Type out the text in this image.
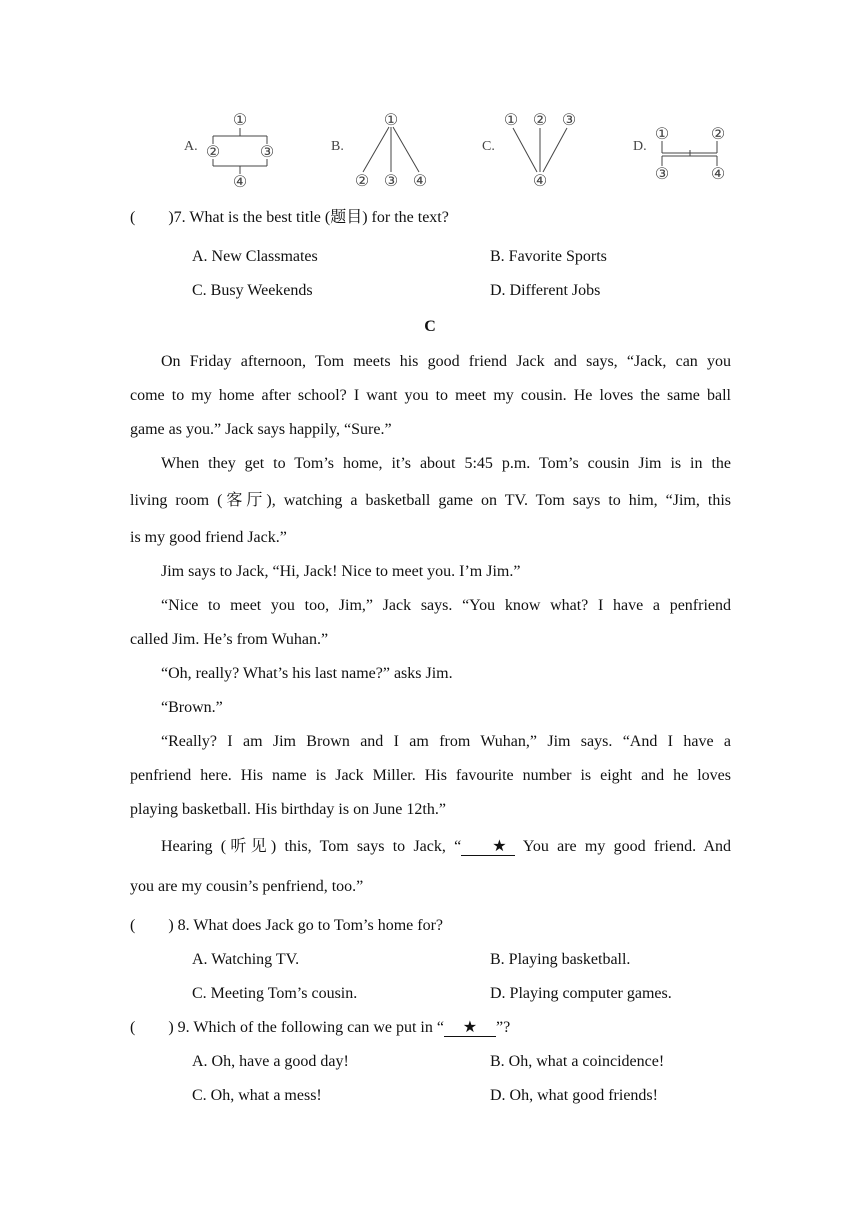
A.	B.	C.	D.
①
② ③
④
①
② ③ ④
① ② ③
④
①	②
③	④
( )7. What is the best title (题目) for the text?
A. New Classmates	B. Favorite Sports
C. Busy Weekends	D. Different Jobs
C
On Friday afternoon, Tom meets his good friend Jack and says, “Jack, can you
come to my home after school? I want you to meet my cousin. He loves the same ball
game as you.” Jack says happily, “Sure.”
When they get to Tom’s home, it’s about 5:45 p.m. Tom’s cousin Jim is in the
living room (客厅), watching a basketball game on TV. Tom says to him, “Jim, this
is my good friend Jack.”
Jim says to Jack, “Hi, Jack! Nice to meet you. I’m Jim.”
“Nice to meet you too, Jim,” Jack says. “You know what? I have a penfriend
called Jim. He’s from Wuhan.”
“Oh, really? What’s his last name?” asks Jim.
“Brown.”
“Really? I am Jim Brown and I am from Wuhan,” Jim says. “And I have a
penfriend here. His name is Jack Miller. His favourite number is eight and he loves
playing basketball. His birthday is on June 12th.”
Hearing (听见) this, Tom says to Jack, “ ★ You are my good friend. And
you are my cousin’s penfriend, too.”
( ) 8. What does Jack go to Tom’s home for?
A. Watching TV.	B. Playing basketball.
C. Meeting Tom’s cousin.	D. Playing computer games.
( ) 9. Which of the following can we put in “ ★ ”?
A. Oh, have a good day!	B. Oh, what a coincidence!
C. Oh, what a mess!	D. Oh, what good friends!
